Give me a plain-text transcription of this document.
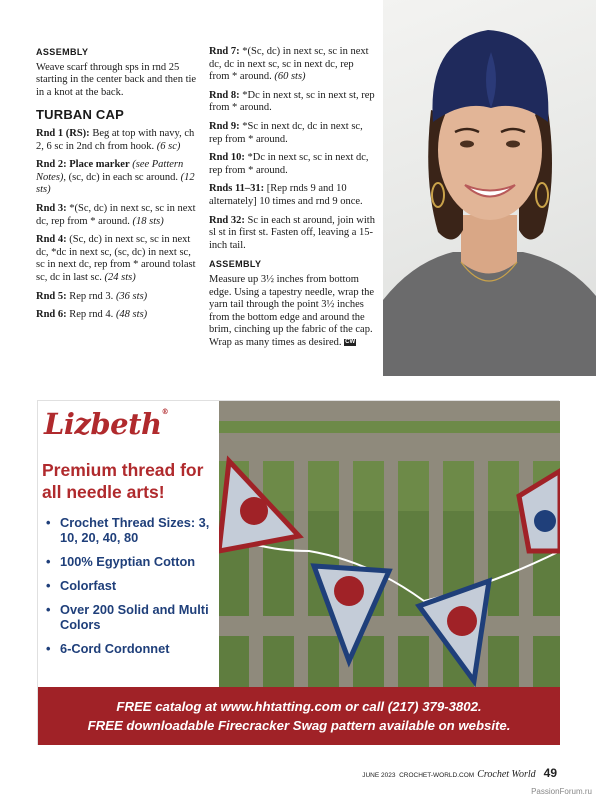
ASSEMBLY

Weave scarf through sps in rnd 25 starting in the center back and then tie in a knot at the back.

TURBAN CAP

Rnd 1 (RS): Beg at top with navy, ch 2, 6 sc in 2nd ch from hook. (6 sc)

Rnd 2: Place marker (see Pattern Notes), (sc, dc) in each sc around. (12 sts)

Rnd 3: *(Sc, dc) in next sc, sc in next dc, rep from * around. (18 sts)

Rnd 4: (Sc, dc) in next sc, sc in next dc, *dc in next sc, (sc, dc) in next sc, sc in next dc, rep from * around tolast sc, dc in last sc. (24 sts)

Rnd 5: Rep rnd 3. (36 sts)

Rnd 6: Rep rnd 4. (48 sts)

Rnd 7: *(Sc, dc) in next sc, sc in next dc, dc in next sc, sc in next dc, rep from * around. (60 sts)

Rnd 8: *Dc in next st, sc in next st, rep from * around.

Rnd 9: *Sc in next dc, dc in next sc, rep from * around.

Rnd 10: *Dc in next sc, sc in next dc, rep from * around.

Rnds 11–31: [Rep rnds 9 and 10 alternately] 10 times and rnd 9 once.

Rnd 32: Sc in each st around, join with sl st in first st. Fasten off, leaving a 15-inch tail.

ASSEMBLY

Measure up 3½ inches from bottom edge. Using a tapestry needle, wrap the yarn tail through the point 3½ inches from the bottom edge and around the brim, cinching up the fabric of the cap. Wrap as many times as desired. CW

Lizbeth®
Premium thread for all needle arts!
• Crochet Thread Sizes: 3, 10, 20, 40, 80
• 100% Egyptian Cotton
• Colorfast
• Over 200 Solid and Multi Colors
• 6-Cord Cordonnet
FREE catalog at www.hhtatting.com or call (217) 379-3802.
FREE downloadable Firecracker Swag pattern available on website.
JUNE 2023 CROCHET-WORLD.COM Crochet World 49
PassionForum.ru
